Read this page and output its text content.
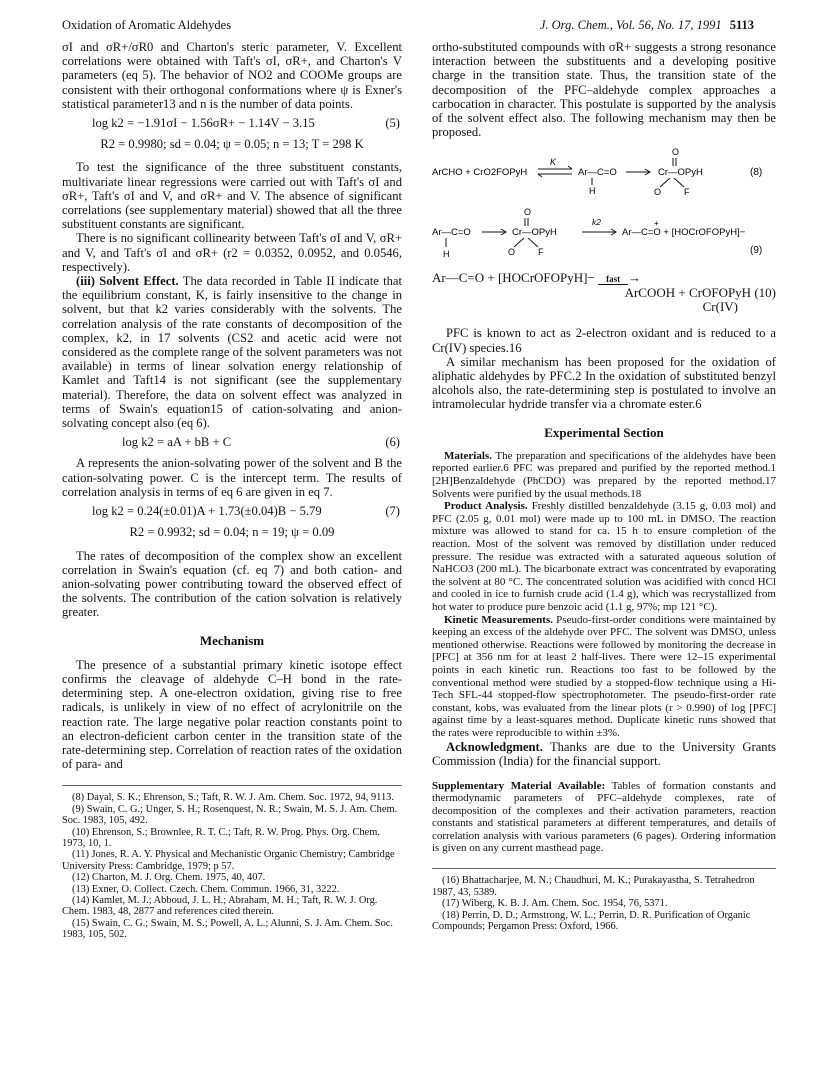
Oxidation of Aromatic Aldehydes	J. Org. Chem., Vol. 56, No. 17, 1991 5113

σI and σR+/σR0 and Charton's steric parameter, V. Excellent correlations were obtained with Taft's σI, σR+, and Charton's V parameters (eq 5). The behavior of NO2 and COOMe groups are consistent with their orthogonal conformations where ψ is Exner's statistical parameter13 and n is the number of data points.

log k2 = −1.91σI − 1.56σR+ − 1.14V − 3.15	(5)
R2 = 0.9980; sd = 0.04; ψ = 0.05; n = 13; T = 298 K

To test the significance of the three substituent constants, multivariate linear regressions were carried out with Taft's σI and σR+, Taft's σI and V, and σR+ and V. The absence of significant correlations (see supplementary material) showed that all the three substituent constants are significant.

There is no significant collinearity between Taft's σI and V, σR+ and V, and Taft's σI and σR+ (r2 = 0.0352, 0.0952, and 0.0546, respectively).

(iii) Solvent Effect. The data recorded in Table II indicate that the equilibrium constant, K, is fairly insensitive to the change in solvent, but that k2 varies considerably with the solvents. The correlation analysis of the rate constants of decomposition of the complex, k2, in 17 solvents (CS2 and acetic acid were not considered as the complete range of the solvent parameters was not available) in terms of linear solvation energy relationship of Kamlet and Taft14 is not significant (see the supplementary material). Therefore, the data on solvent effect was analyzed in terms of Swain's equation15 of cation-solvating and anion-solvating concept also (eq 6).

log k2 = aA + bB + C	(6)

A represents the anion-solvating power of the solvent and B the cation-solvating power. C is the intercept term. The results of correlation analysis in terms of eq 6 are given in eq 7.

log k2 = 0.24(±0.01)A + 1.73(±0.04)B − 5.79	(7)
R2 = 0.9932; sd = 0.04; n = 19; ψ = 0.09

The rates of decomposition of the complex show an excellent correlation in Swain's equation (cf. eq 7) and both cation- and anion-solvating power contributing toward the observed effect of the solvents. The contribution of the cation solvation is relatively greater.

Mechanism

The presence of a substantial primary kinetic isotope effect confirms the cleavage of aldehyde C–H bond in the rate-determining step. A one-electron oxidation, giving rise to free radicals, is unlikely in view of no effect of acrylonitrile on the reaction rate. The large negative polar reaction constants point to an electron-deficient carbon center in the transition state of the rate-determining step. Correlation of reaction rates of the oxidation of para- and

(8) Dayal, S. K.; Ehrenson, S.; Taft, R. W. J. Am. Chem. Soc. 1972, 94, 9113.
(9) Swain, C. G.; Unger, S. H.; Rosenquest, N. R.; Swain, M. S. J. Am. Chem. Soc. 1983, 105, 492.
(10) Ehrenson, S.; Brownlee, R. T. C.; Taft, R. W. Prog. Phys. Org. Chem. 1973, 10, 1.
(11) Jones, R. A. Y. Physical and Mechanistic Organic Chemistry; Cambridge University Press: Cambridge, 1979; p 57.
(12) Charton, M. J. Org. Chem. 1975, 40, 407.
(13) Exner, O. Collect. Czech. Chem. Commun. 1966, 31, 3222.
(14) Kamlet, M. J.; Abboud, J. L. H.; Abraham, M. H.; Taft, R. W. J. Org. Chem. 1983, 48, 2877 and references cited therein.
(15) Swain, C. G.; Swain, M. S.; Powell, A. L.; Alunni, S. J. Am. Chem. Soc. 1983, 105, 502.

ortho-substituted compounds with σR+ suggests a strong resonance interaction between the substituents and a developing positive charge in the transition state. Thus, the transition state of the decomposition of the PFC–aldehyde complex approaches a carbocation in character. This postulate is supported by the analysis of the solvent effect also. The following mechanism may then be proposed.

ArCHO + CrO2FOPyH
K
Ar—C=O
H
O
Cr—OPyH
O	F
(8)
Ar—C=O
H
O
Cr—OPyH
O	F
k2
Ar—C=O + [HOCrOFOPyH]−
+
(9)
Ar—C=O + [HOCrOFOPyH]− fast →
ArCOOH + CrOFOPyH (10)
Cr(IV)

PFC is known to act as 2-electron oxidant and is reduced to a Cr(IV) species.16

A similar mechanism has been proposed for the oxidation of aliphatic aldehydes by PFC.2 In the oxidation of substituted benzyl alcohols also, the rate-determining step is postulated to involve an intramolecular hydride transfer via a chromate ester.6

Experimental Section

Materials. The preparation and specifications of the aldehydes have been reported earlier.6 PFC was prepared and purified by the reported method.1 [2H]Benzaldehyde (PhCDO) was prepared by the reported method.17 Solvents were purified by the usual methods.18

Product Analysis. Freshly distilled benzaldehyde (3.15 g, 0.03 mol) and PFC (2.05 g, 0.01 mol) were made up to 100 mL in DMSO. The reaction mixture was allowed to stand for ca. 15 h to ensure completion of the reaction. Most of the solvent was removed by distillation under reduced pressure. The residue was extracted with a saturated aqueous solution of NaHCO3 (200 mL). The bicarbonate extract was concentrated by evaporating the solvent at 80 °C. The concentrated solution was acidified with concd HCl and cooled in ice to furnish crude acid (1.4 g), which was recrystallized from hot water to produce pure benzoic acid (1.1 g, 97%; mp 121 °C).

Kinetic Measurements. Pseudo-first-order conditions were maintained by keeping an excess of the aldehyde over PFC. The solvent was DMSO, unless mentioned otherwise. Reactions were followed by monitoring the decrease in [PFC] at 356 nm for at least 2 half-lives. There were 12–15 experimental points in each kinetic run. Reactions too fast to be followed by the conventional method were studied by a stopped-flow technique using a Hi-Tech SFL-44 stopped-flow spectrophotometer. The pseudo-first-order rate constant, kobs, was evaluated from the linear plots (r > 0.990) of log [PFC] against time by a least-squares method. Duplicate kinetic runs showed that the rates were reproducible to within ±3%.

Acknowledgment. Thanks are due to the University Grants Commission (India) for the financial support.

Supplementary Material Available: Tables of formation constants and thermodynamic parameters of PFC–aldehyde complexes, rate of decomposition of the complexes and their activation parameters, reaction constants and statistical parameters at different temperatures, and details of correlation analysis with various parameters (6 pages). Ordering information is given on any current masthead page.
(16) Bhattacharjee, M. N.; Chaudhuri, M. K.; Purakayastha, S. Tetrahedron 1987, 43, 5389.
(17) Wiberg, K. B. J. Am. Chem. Soc. 1954, 76, 5371.
(18) Perrin, D. D.; Armstrong, W. L.; Perrin, D. R. Purification of Organic Compounds; Pergamon Press: Oxford, 1966.
